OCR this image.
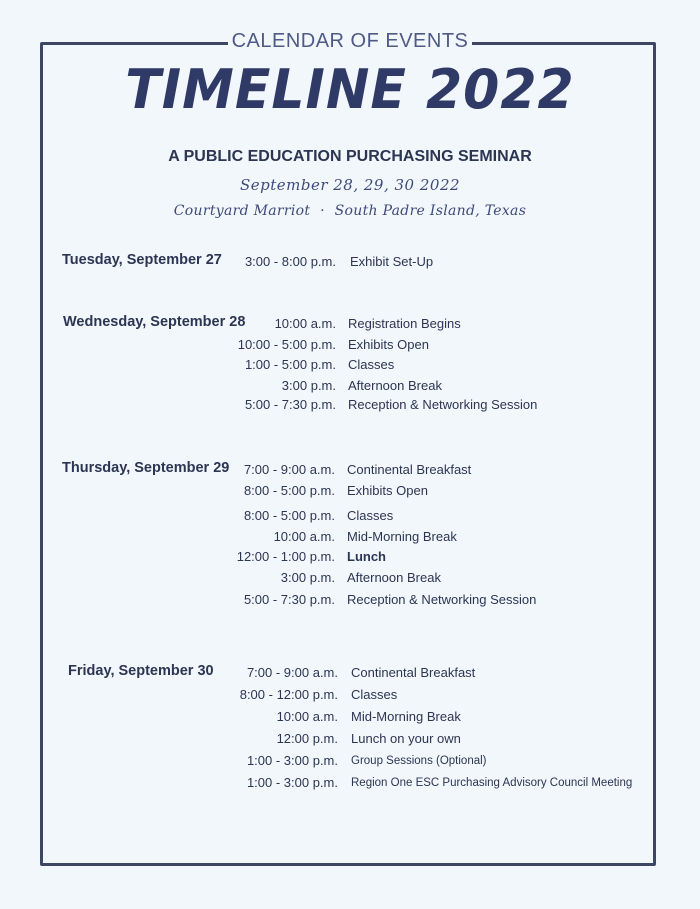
CALENDAR OF EVENTS
TIMELINE 2022
A PUBLIC EDUCATION PURCHASING SEMINAR
September 28, 29, 30 2022
Courtyard Marriot · South Padre Island, Texas
Tuesday, September 27	3:00 - 8:00 p.m. Exhibit Set-Up
Wednesday, September 28	10:00 a.m. Registration Begins
10:00 - 5:00 p.m. Exhibits Open
1:00 - 5:00 p.m. Classes
3:00 p.m. Afternoon Break
5:00 - 7:30 p.m. Reception & Networking Session
Thursday, September 29	7:00 - 9:00 a.m. Continental Breakfast
8:00 - 5:00 p.m. Exhibits Open
8:00 - 5:00 p.m. Classes
10:00 a.m. Mid-Morning Break
12:00 - 1:00 p.m. Lunch
3:00 p.m. Afternoon Break
5:00 - 7:30 p.m. Reception & Networking Session
Friday, September 30	7:00 - 9:00 a.m. Continental Breakfast
8:00 - 12:00 p.m. Classes
10:00 a.m. Mid-Morning Break
12:00 p.m. Lunch on your own
1:00 - 3:00 p.m. Group Sessions (Optional)
1:00 - 3:00 p.m. Region One ESC Purchasing Advisory Council Meeting
